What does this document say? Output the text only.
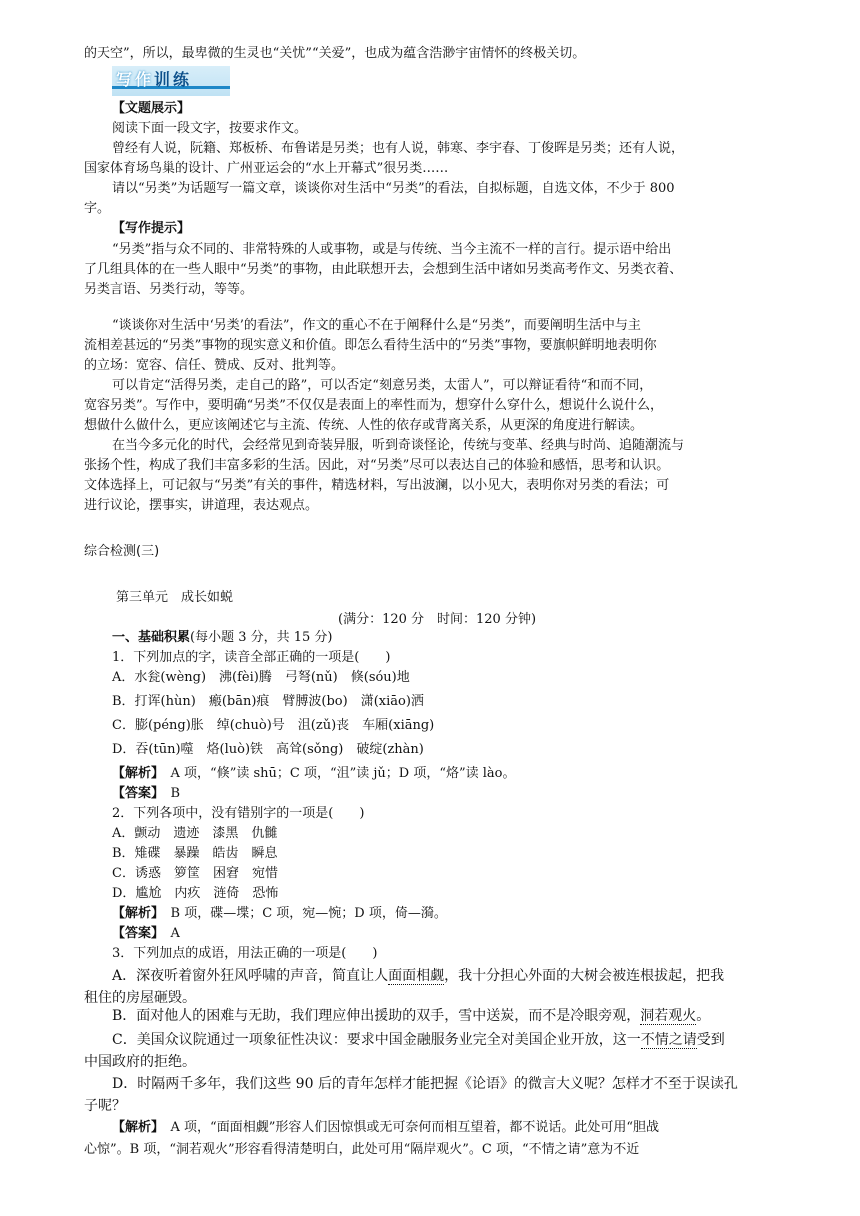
的天空”，所以，最卑微的生灵也“关忧”“关爱”，也成为蕴含浩渺宇宙情怀的终极关切。
写作训练
【文题展示】
阅读下面一段文字，按要求作文。
曾经有人说，阮籍、郑板桥、布鲁诺是另类；也有人说，韩寒、李宇春、丁俊晖是另类；还有人说，
国家体育场鸟巢的设计、广州亚运会的“水上开幕式”很另类……
请以“另类”为话题写一篇文章，谈谈你对生活中“另类”的看法，自拟标题，自选文体，不少于 800
字。
【写作提示】
“另类”指与众不同的、非常特殊的人或事物，或是与传统、当今主流不一样的言行。提示语中给出
了几组具体的在一些人眼中“另类”的事物，由此联想开去，会想到生活中诸如另类高考作文、另类衣着、
另类言语、另类行动，等等。
“谈谈你对生活中‘另类’的看法”，作文的重心不在于阐释什么是“另类”，而要阐明生活中与主
流相差甚远的“另类”事物的现实意义和价值。即怎么看待生活中的“另类”事物，要旗帜鲜明地表明你
的立场：宽容、信任、赞成、反对、批判等。
可以肯定“活得另类，走自己的路”，可以否定“刻意另类，太雷人”，可以辩证看待“和而不同，
宽容另类”。写作中，要明确“另类”不仅仅是表面上的率性而为，想穿什么穿什么，想说什么说什么，
想做什么做什么，更应该阐述它与主流、传统、人性的依存或背离关系，从更深的角度进行解读。
在当今多元化的时代，会经常见到奇装异服，听到奇谈怪论，传统与变革、经典与时尚、追随潮流与
张扬个性，构成了我们丰富多彩的生活。因此，对“另类”尽可以表达自己的体验和感悟，思考和认识。
文体选择上，可记叙与“另类”有关的事件，精选材料，写出波澜，以小见大，表明你对另类的看法；可
进行议论，摆事实，讲道理，表达观点。
综合检测(三)
第三单元　成长如蜕
(满分：120 分　时间：120 分钟)
一、基础积累(每小题 3 分，共 15 分)
1．下列加点的字，读音全部正确的一项是(　　)
A．水瓮(wèng)　沸(fèi)腾　弓弩(nǔ)　倏(sóu)地
B．打诨(hùn)　瘢(bān)痕　臂膊波(bo)　潇(xiāo)洒
C．膨(péng)胀　绰(chuò)号　沮(zǔ)丧　车厢(xiāng)
D．吞(tūn)噬　烙(luò)铁　高耸(sǒng)　破绽(zhàn)
【解析】　 A 项，“倏”读 shū；C 项，“沮”读 jǔ；D 项，“烙”读 lào。
【答案】　 B
2．下列各项中，没有错别字的一项是(　　)
A．颤动　遗迹　漆黑　仇雠
B．雉碟　暴躁　皓齿　瞬息
C．诱惑　箩筐　困窘　宛惜
D．尴尬　内疚　涟倚　恐怖
【解析】　 B 项，碟—堞；C 项，宛—惋；D 项，倚—漪。
【答案】　 A
3．下列加点的成语，用法正确的一项是(　　)
A．深夜听着窗外狂风呼啸的声音，简直让人面面相觑，我十分担心外面的大树会被连根拔起，把我
租住的房屋砸毁。
B．面对他人的困难与无助，我们理应伸出援助的双手，雪中送炭，而不是冷眼旁观，洞若观火。
C．美国众议院通过一项象征性决议：要求中国金融服务业完全对美国企业开放，这一不情之请受到
中国政府的拒绝。
D．时隔两千多年，我们这些 90 后的青年怎样才能把握《论语》的微言大义呢？怎样才不至于误读孔
子呢？
【解析】　 A 项，“面面相觑”形容人们因惊惧或无可奈何而相互望着，都不说话。此处可用“胆战
心惊”。B 项，“洞若观火”形容看得清楚明白，此处可用“隔岸观火”。C 项，“不情之请”意为不近
